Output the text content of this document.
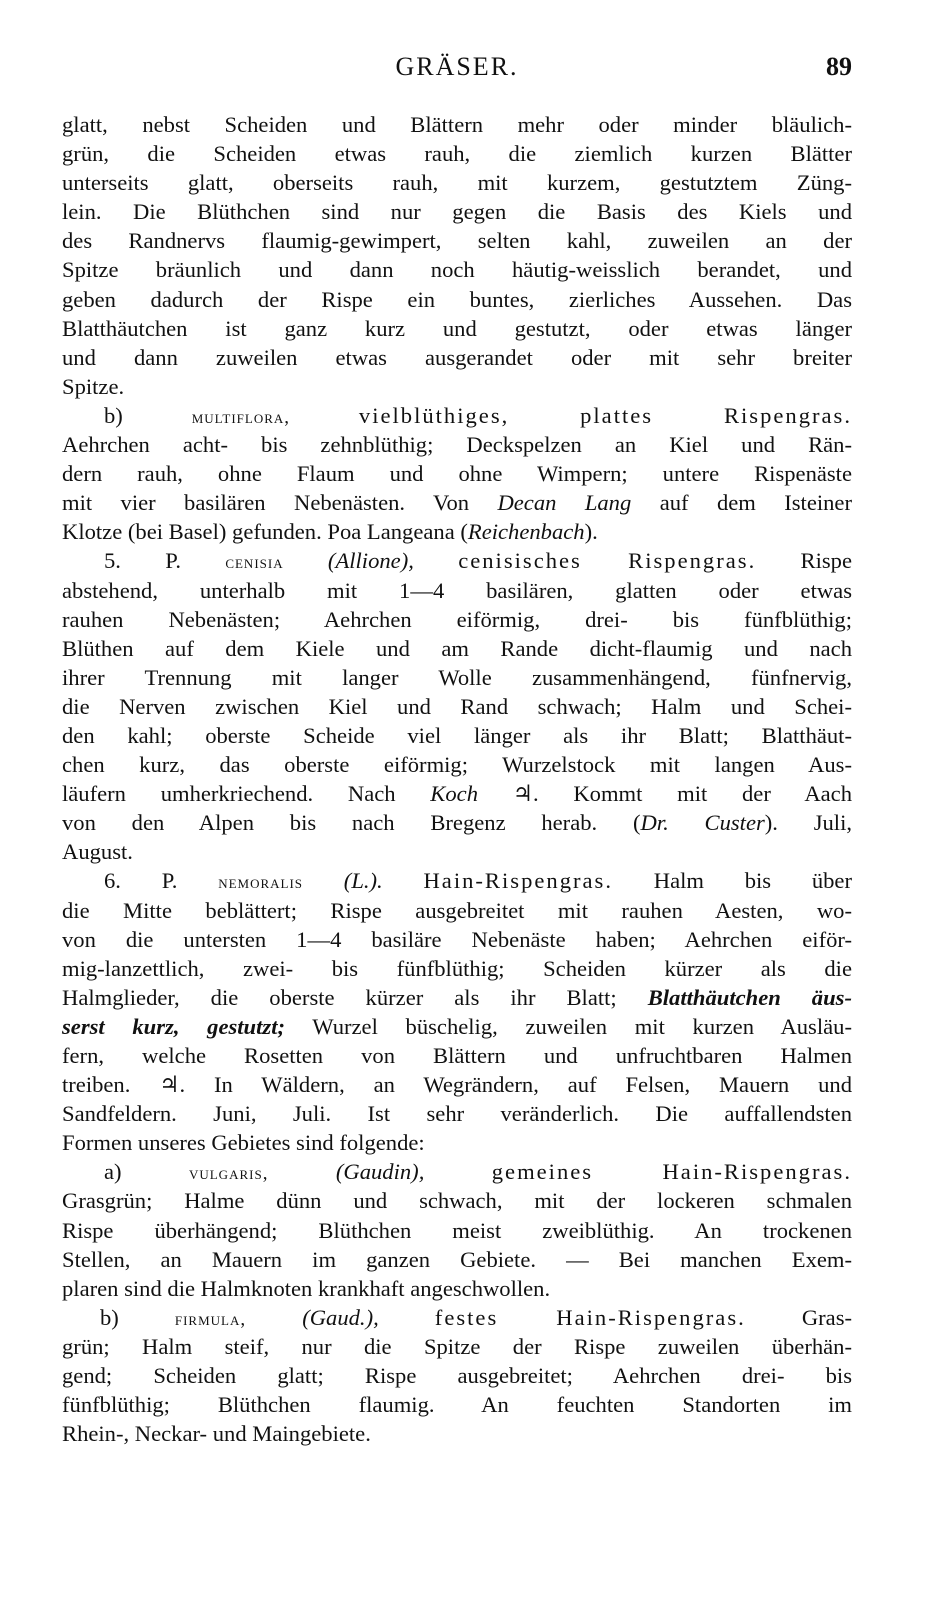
GRÄSER.	89
glatt, nebst Scheiden und Blättern mehr oder minder bläulich-
grün, die Scheiden etwas rauh, die ziemlich kurzen Blätter
unterseits glatt, oberseits rauh, mit kurzem, gestutztem Züng-
lein. Die Blüthchen sind nur gegen die Basis des Kiels und
des Randnervs flaumig-gewimpert, selten kahl, zuweilen an der
Spitze bräunlich und dann noch häutig-weisslich berandet, und
geben dadurch der Rispe ein buntes, zierliches Aussehen. Das
Blatthäutchen ist ganz kurz und gestutzt, oder etwas länger
und dann zuweilen etwas ausgerandet oder mit sehr breiter
Spitze.
b)	multiflora,	vielblüthiges, plattes Rispengras.
Aehrchen acht- bis zehnblüthig; Deckspelzen an Kiel und Rän-
dern rauh, ohne Flaum und ohne Wimpern; untere Rispenäste
mit vier basilären Nebenästen. Von Decan Lang auf dem Isteiner
Klotze (bei Basel) gefunden. Poa Langeana (Reichenbach).
5. P. cenisia (Allione), cenisisches Rispengras. Rispe
abstehend, unterhalb mit 1—4 basilären, glatten oder etwas
rauhen Nebenästen; Aehrchen eiförmig, drei- bis fünfblüthig;
Blüthen auf dem Kiele und am Rande dicht-flaumig und nach
ihrer Trennung mit langer Wolle zusammenhängend, fünfnervig,
die Nerven zwischen Kiel und Rand schwach; Halm und Schei-
den kahl; oberste Scheide viel länger als ihr Blatt; Blatthäut-
chen kurz, das oberste eiförmig; Wurzelstock mit langen Aus-
läufern umherkriechend. Nach Koch ♃. Kommt mit der Aach
von den Alpen bis nach Bregenz herab. (Dr. Custer). Juli,
August.
6. P. nemoralis (L.). Hain-Rispengras. Halm bis über
die Mitte beblättert; Rispe ausgebreitet mit rauhen Aesten, wo-
von die untersten 1—4 basiläre Nebenäste haben; Aehrchen eiför-
mig-lanzettlich, zwei- bis fünfblüthig; Scheiden kürzer als die
Halmglieder, die oberste kürzer als ihr Blatt; Blatthäutchen äus-
serst kurz, gestutzt; Wurzel büschelig, zuweilen mit kurzen Ausläu-
fern, welche Rosetten von Blättern und unfruchtbaren Halmen
treiben. ♃. In Wäldern, an Wegrändern, auf Felsen, Mauern und
Sandfeldern. Juni, Juli. Ist sehr veränderlich. Die auffallendsten
Formen unseres Gebietes sind folgende:
a)	vulgaris,	(Gaudin),	gemeines Hain-Rispengras.
Grasgrün; Halme dünn und schwach, mit der lockeren schmalen
Rispe überhängend; Blüthchen meist zweiblüthig. An trockenen
Stellen, an Mauern im ganzen Gebiete. — Bei manchen Exem-
plaren sind die Halmknoten krankhaft angeschwollen.
b)	firmula, (Gaud.), festes Hain-Rispengras. Gras-
grün; Halm steif, nur die Spitze der Rispe zuweilen überhän-
gend; Scheiden glatt; Rispe ausgebreitet; Aehrchen drei- bis
fünfblüthig; Blüthchen flaumig. An feuchten Standorten im
Rhein-, Neckar- und Maingebiete.
